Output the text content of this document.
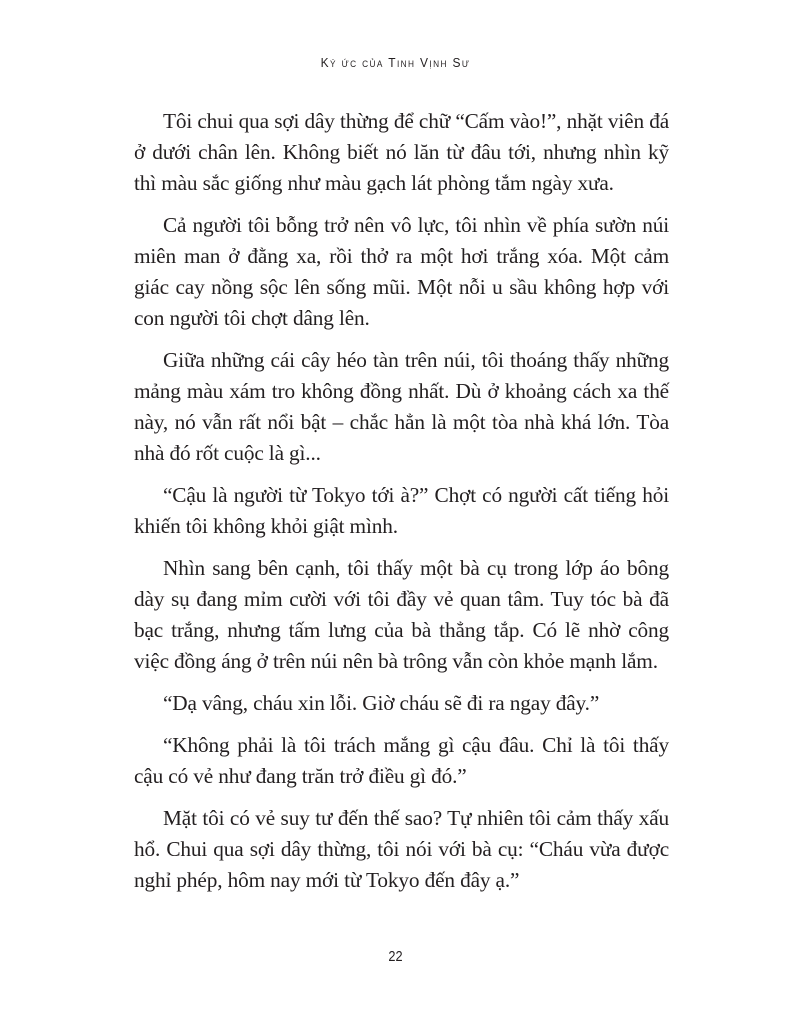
Ký ức của Tinh Vịnh Sư

Tôi chui qua sợi dây thừng để chữ “Cấm vào!”, nhặt viên đá ở dưới chân lên. Không biết nó lăn từ đâu tới, nhưng nhìn kỹ thì màu sắc giống như màu gạch lát phòng tắm ngày xưa.

Cả người tôi bỗng trở nên vô lực, tôi nhìn về phía sườn núi miên man ở đằng xa, rồi thở ra một hơi trắng xóa. Một cảm giác cay nồng sộc lên sống mũi. Một nỗi u sầu không hợp với con người tôi chợt dâng lên.

Giữa những cái cây héo tàn trên núi, tôi thoáng thấy những mảng màu xám tro không đồng nhất. Dù ở khoảng cách xa thế này, nó vẫn rất nổi bật – chắc hẳn là một tòa nhà khá lớn. Tòa nhà đó rốt cuộc là gì...

“Cậu là người từ Tokyo tới à?” Chợt có người cất tiếng hỏi khiến tôi không khỏi giật mình.

Nhìn sang bên cạnh, tôi thấy một bà cụ trong lớp áo bông dày sụ đang mỉm cười với tôi đầy vẻ quan tâm. Tuy tóc bà đã bạc trắng, nhưng tấm lưng của bà thẳng tắp. Có lẽ nhờ công việc đồng áng ở trên núi nên bà trông vẫn còn khỏe mạnh lắm.

“Dạ vâng, cháu xin lỗi. Giờ cháu sẽ đi ra ngay đây.”

“Không phải là tôi trách mắng gì cậu đâu. Chỉ là tôi thấy cậu có vẻ như đang trăn trở điều gì đó.”

Mặt tôi có vẻ suy tư đến thế sao? Tự nhiên tôi cảm thấy xấu hổ. Chui qua sợi dây thừng, tôi nói với bà cụ: “Cháu vừa được nghỉ phép, hôm nay mới từ Tokyo đến đây ạ.”

22
